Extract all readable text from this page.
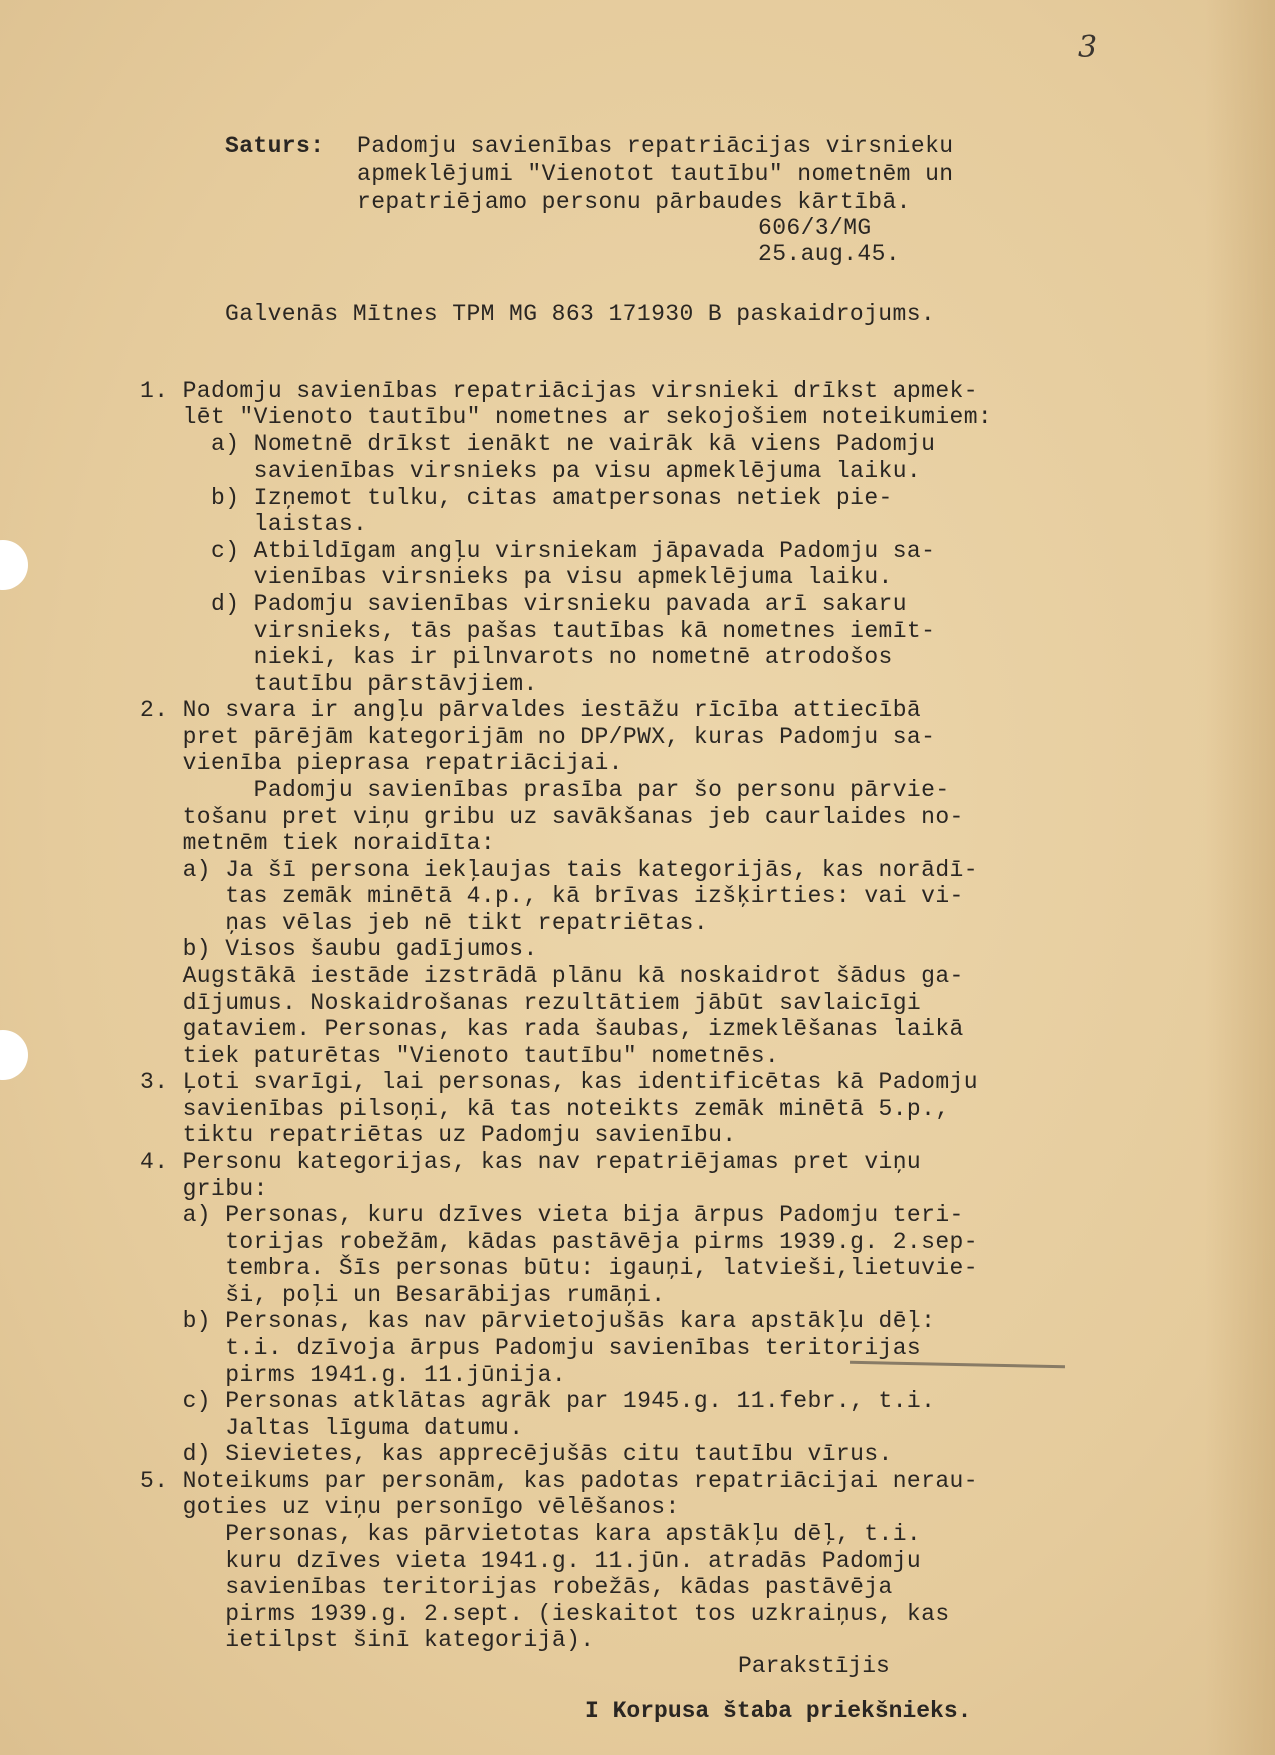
3
Saturs: Padomju savienības repatriācijas virsnieku
apmeklējumi "Vienotot tautību" nometnēm un
repatriējamo personu pārbaudes kārtībā.
606/3/MG
25.aug.45.
Galvenās Mītnes TPM MG 863 171930 B paskaidrojums.
1. Padomju savienības repatriācijas virsnieki drīkst apmek-
lēt "Vienoto tautību" nometnes ar sekojošiem noteikumiem:
a) Nometnē drīkst ienākt ne vairāk kā viens Padomju
savienības virsnieks pa visu apmeklējuma laiku.
b) Izņemot tulku, citas amatpersonas netiek pie-
laistas.
c) Atbildīgam angļu virsniekam jāpavada Padomju sa-
vienības virsnieks pa visu apmeklējuma laiku.
d) Padomju savienības virsnieku pavada arī sakaru
virsnieks, tās pašas tautības kā nometnes iemīt-
nieki, kas ir pilnvarots no nometnē atrodošos
tautību pārstāvjiem.
2. No svara ir angļu pārvaldes iestāžu rīcība attiecībā
pret pārējām kategorijām no DP/PWX, kuras Padomju sa-
vienība pieprasa repatriācijai.
Padomju savienības prasība par šo personu pārvie-
tošanu pret viņu gribu uz savākšanas jeb caurlaides no-
metnēm tiek noraidīta:
a) Ja šī persona iekļaujas tais kategorijās, kas norādī-
tas zemāk minētā 4.p., kā brīvas izšķirties: vai vi-
ņas vēlas jeb nē tikt repatriētas.
b) Visos šaubu gadījumos.
Augstākā iestāde izstrādā plānu kā noskaidrot šādus ga-
dījumus. Noskaidrošanas rezultātiem jābūt savlaicīgi
gataviem. Personas, kas rada šaubas, izmeklēšanas laikā
tiek paturētas "Vienoto tautību" nometnēs.
3. Ļoti svarīgi, lai personas, kas identificētas kā Padomju
savienības pilsoņi, kā tas noteikts zemāk minētā 5.p.,
tiktu repatriētas uz Padomju savienību.
4. Personu kategorijas, kas nav repatriējamas pret viņu
gribu:
a) Personas, kuru dzīves vieta bija ārpus Padomju teri-
torijas robežām, kādas pastāvēja pirms 1939.g. 2.sep-
tembra. Šīs personas būtu: igauņi, latvieši,lietuvie-
ši, poļi un Besarābijas rumāņi.
b) Personas, kas nav pārvietojušās kara apstākļu dēļ:
t.i. dzīvoja ārpus Padomju savienības teritorijas
pirms 1941.g. 11.jūnija.
c) Personas atklātas agrāk par 1945.g. 11.febr., t.i.
Jaltas līguma datumu.
d) Sievietes, kas apprecējušās citu tautību vīrus.
5. Noteikums par personām, kas padotas repatriācijai nerau-
goties uz viņu personīgo vēlēšanos:
Personas, kas pārvietotas kara apstākļu dēļ, t.i.
kuru dzīves vieta 1941.g. 11.jūn. atradās Padomju
savienības teritorijas robežās, kādas pastāvēja
pirms 1939.g. 2.sept. (ieskaitot tos uzkraiņus, kas
ietilpst šinī kategorijā).
Parakstījis
I Korpusa štaba priekšnieks.
